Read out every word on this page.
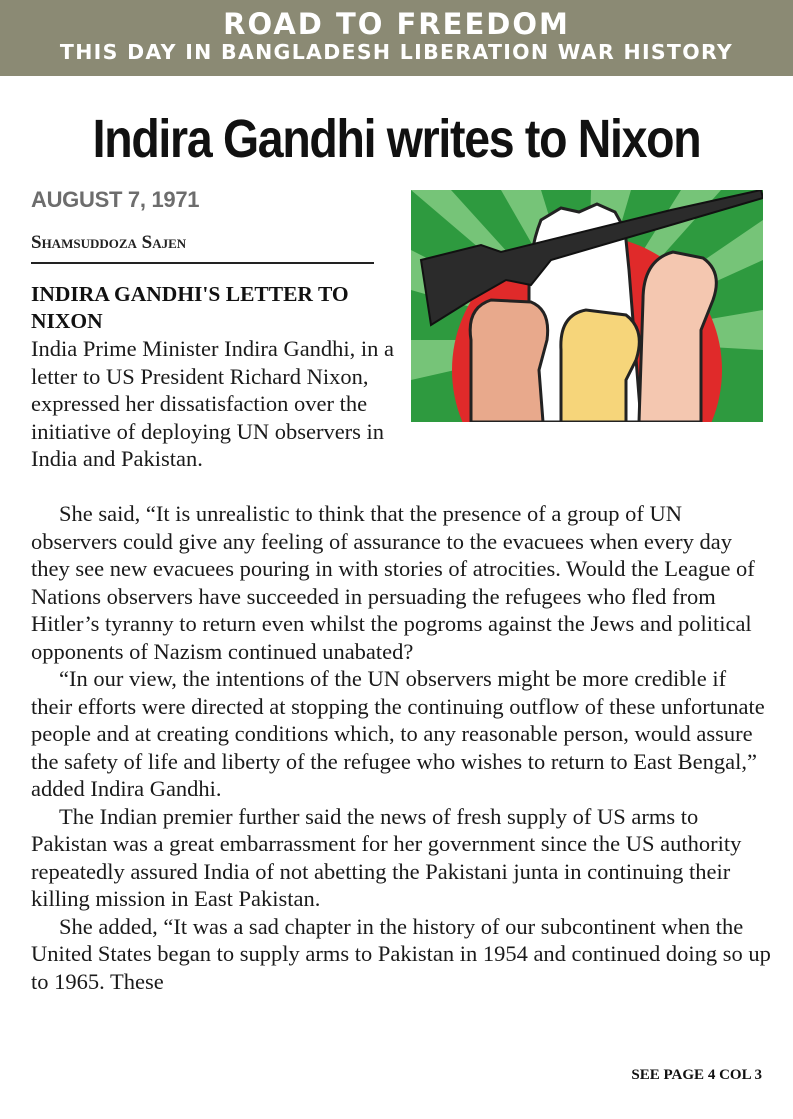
ROAD TO FREEDOM
THIS DAY IN BANGLADESH LIBERATION WAR HISTORY
Indira Gandhi writes to Nixon
AUGUST 7, 1971
Shamsuddoza Sajen
INDIRA GANDHI'S LETTER TO NIXON

India Prime Minister Indira Gandhi, in a letter to US President Richard Nixon, expressed her dissatisfaction over the initiative of deploying UN observers in India and Pakistan.

She said, “It is unrealistic to think that the presence of a group of UN observers could give any feeling of assurance to the evacuees when every day they see new evacuees pouring in with stories of atrocities. Would the League of Nations observers have succeeded in persuading the refugees who fled from Hitler’s tyranny to return even whilst the pogroms against the Jews and political opponents of Nazism continued unabated?

“In our view, the intentions of the UN observers might be more credible if their efforts were directed at stopping the continuing outflow of these unfortunate people and at creating conditions which, to any reasonable person, would assure the safety of life and liberty of the refugee who wishes to return to East Bengal,” added Indira Gandhi.

The Indian premier further said the news of fresh supply of US arms to Pakistan was a great embarrassment for her government since the US authority repeatedly assured India of not abetting the Pakistani junta in continuing their killing mission in East Pakistan.

She added, “It was a sad chapter in the history of our subcontinent when the United States began to supply arms to Pakistan in 1954 and continued doing so up to 1965. These

SEE PAGE 4 COL 3
